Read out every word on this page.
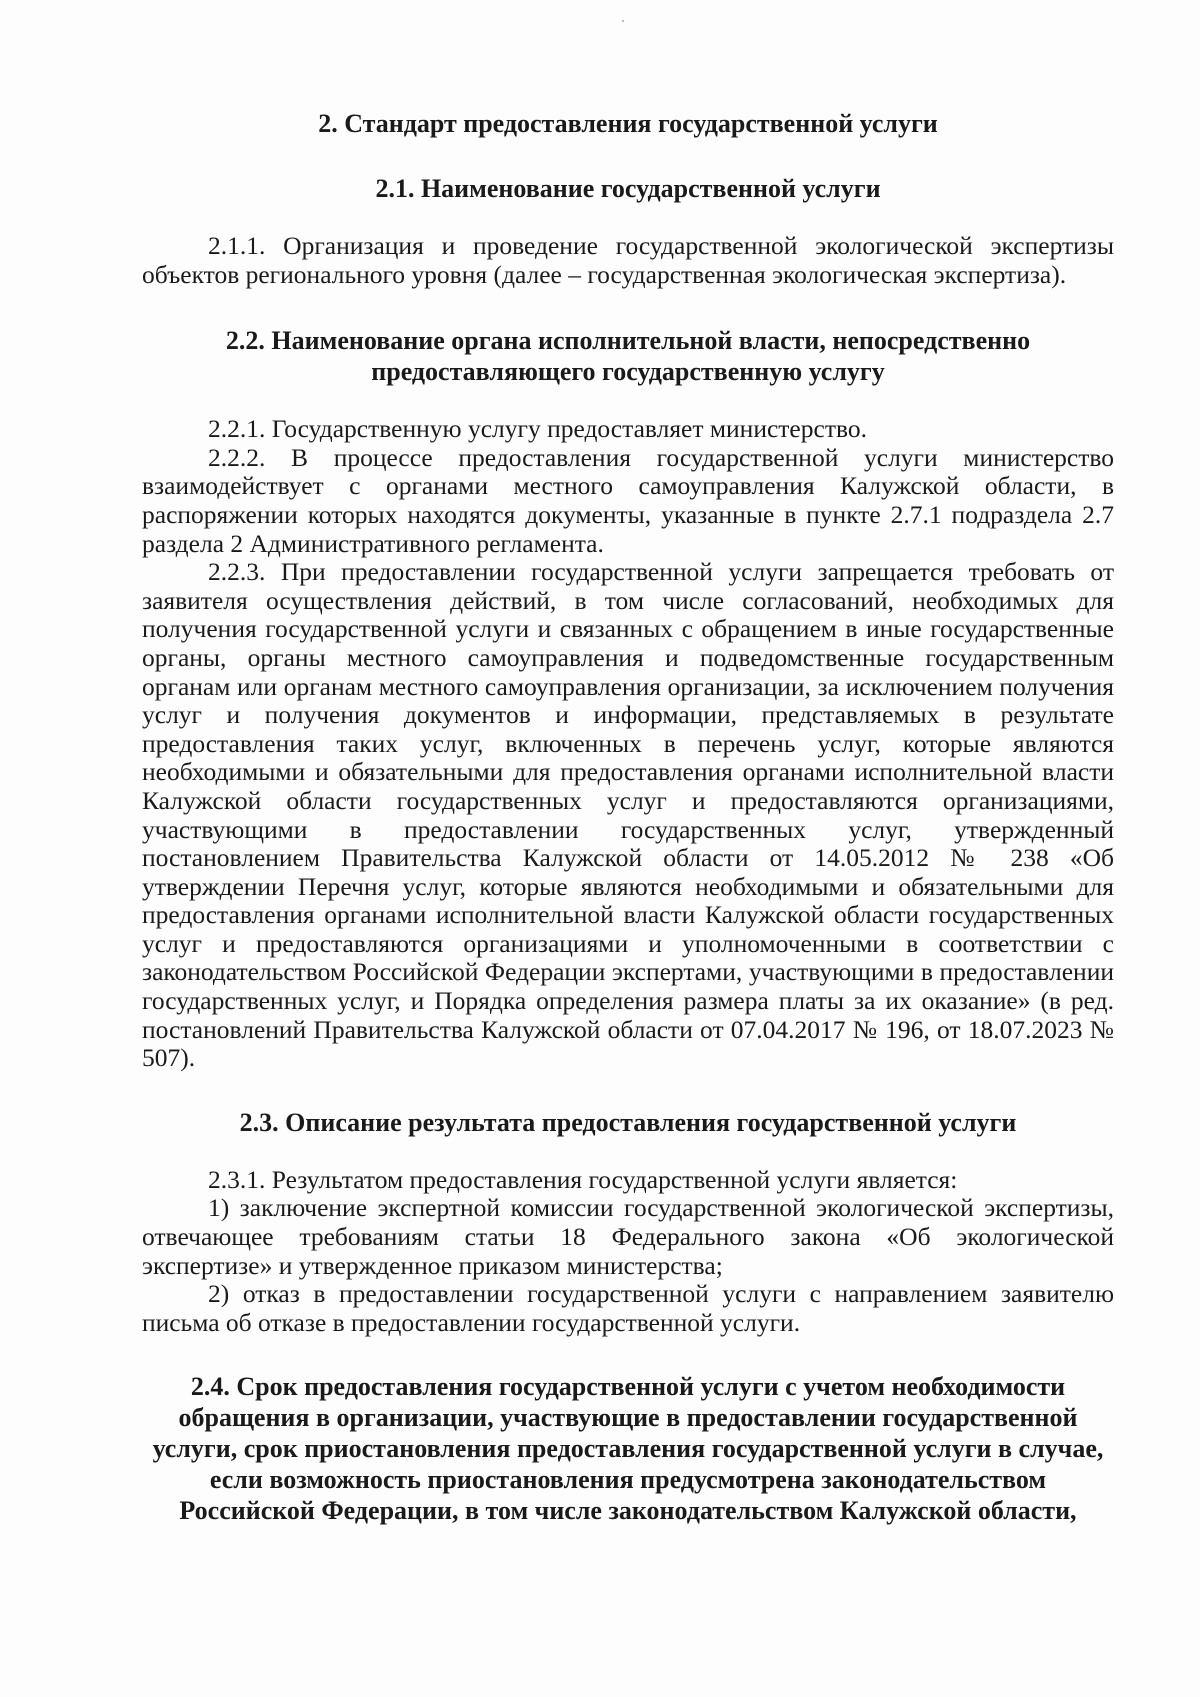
2. Стандарт предоставления государственной услуги

2.1. Наименование государственной услуги

2.1.1. Организация и проведение государственной экологической экспертизы объектов регионального уровня (далее – государственная экологическая экспертиза).

2.2. Наименование органа исполнительной власти, непосредственно предоставляющего государственную услугу

2.2.1. Государственную услугу предоставляет министерство.

2.2.2. В процессе предоставления государственной услуги министерство взаимодействует с органами местного самоуправления Калужской области, в распоряжении которых находятся документы, указанные в пункте 2.7.1 подраздела 2.7 раздела 2 Административного регламента.

2.2.3. При предоставлении государственной услуги запрещается требовать от заявителя осуществления действий, в том числе согласований, необходимых для получения государственной услуги и связанных с обращением в иные государственные органы, органы местного самоуправления и подведомственные государственным органам или органам местного самоуправления организации, за исключением получения услуг и получения документов и информации, представляемых в результате предоставления таких услуг, включенных в перечень услуг, которые являются необходимыми и обязательными для предоставления органами исполнительной власти Калужской области государственных услуг и предоставляются организациями, участвующими в предоставлении государственных услуг, утвержденный постановлением Правительства Калужской области от 14.05.2012 № 238 «Об утверждении Перечня услуг, которые являются необходимыми и обязательными для предоставления органами исполнительной власти Калужской области государственных услуг и предоставляются организациями и уполномоченными в соответствии с законодательством Российской Федерации экспертами, участвующими в предоставлении государственных услуг, и Порядка определения размера платы за их оказание» (в ред. постановлений Правительства Калужской области от 07.04.2017 № 196, от 18.07.2023 № 507).

2.3. Описание результата предоставления государственной услуги

2.3.1. Результатом предоставления государственной услуги является:

1) заключение экспертной комиссии государственной экологической экспертизы, отвечающее требованиям статьи 18 Федерального закона «Об экологической экспертизе» и утвержденное приказом министерства;

2) отказ в предоставлении государственной услуги с направлением заявителю письма об отказе в предоставлении государственной услуги.

2.4. Срок предоставления государственной услуги с учетом необходимости обращения в организации, участвующие в предоставлении государственной услуги, срок приостановления предоставления государственной услуги в случае, если возможность приостановления предусмотрена законодательством Российской Федерации, в том числе законодательством Калужской области,
